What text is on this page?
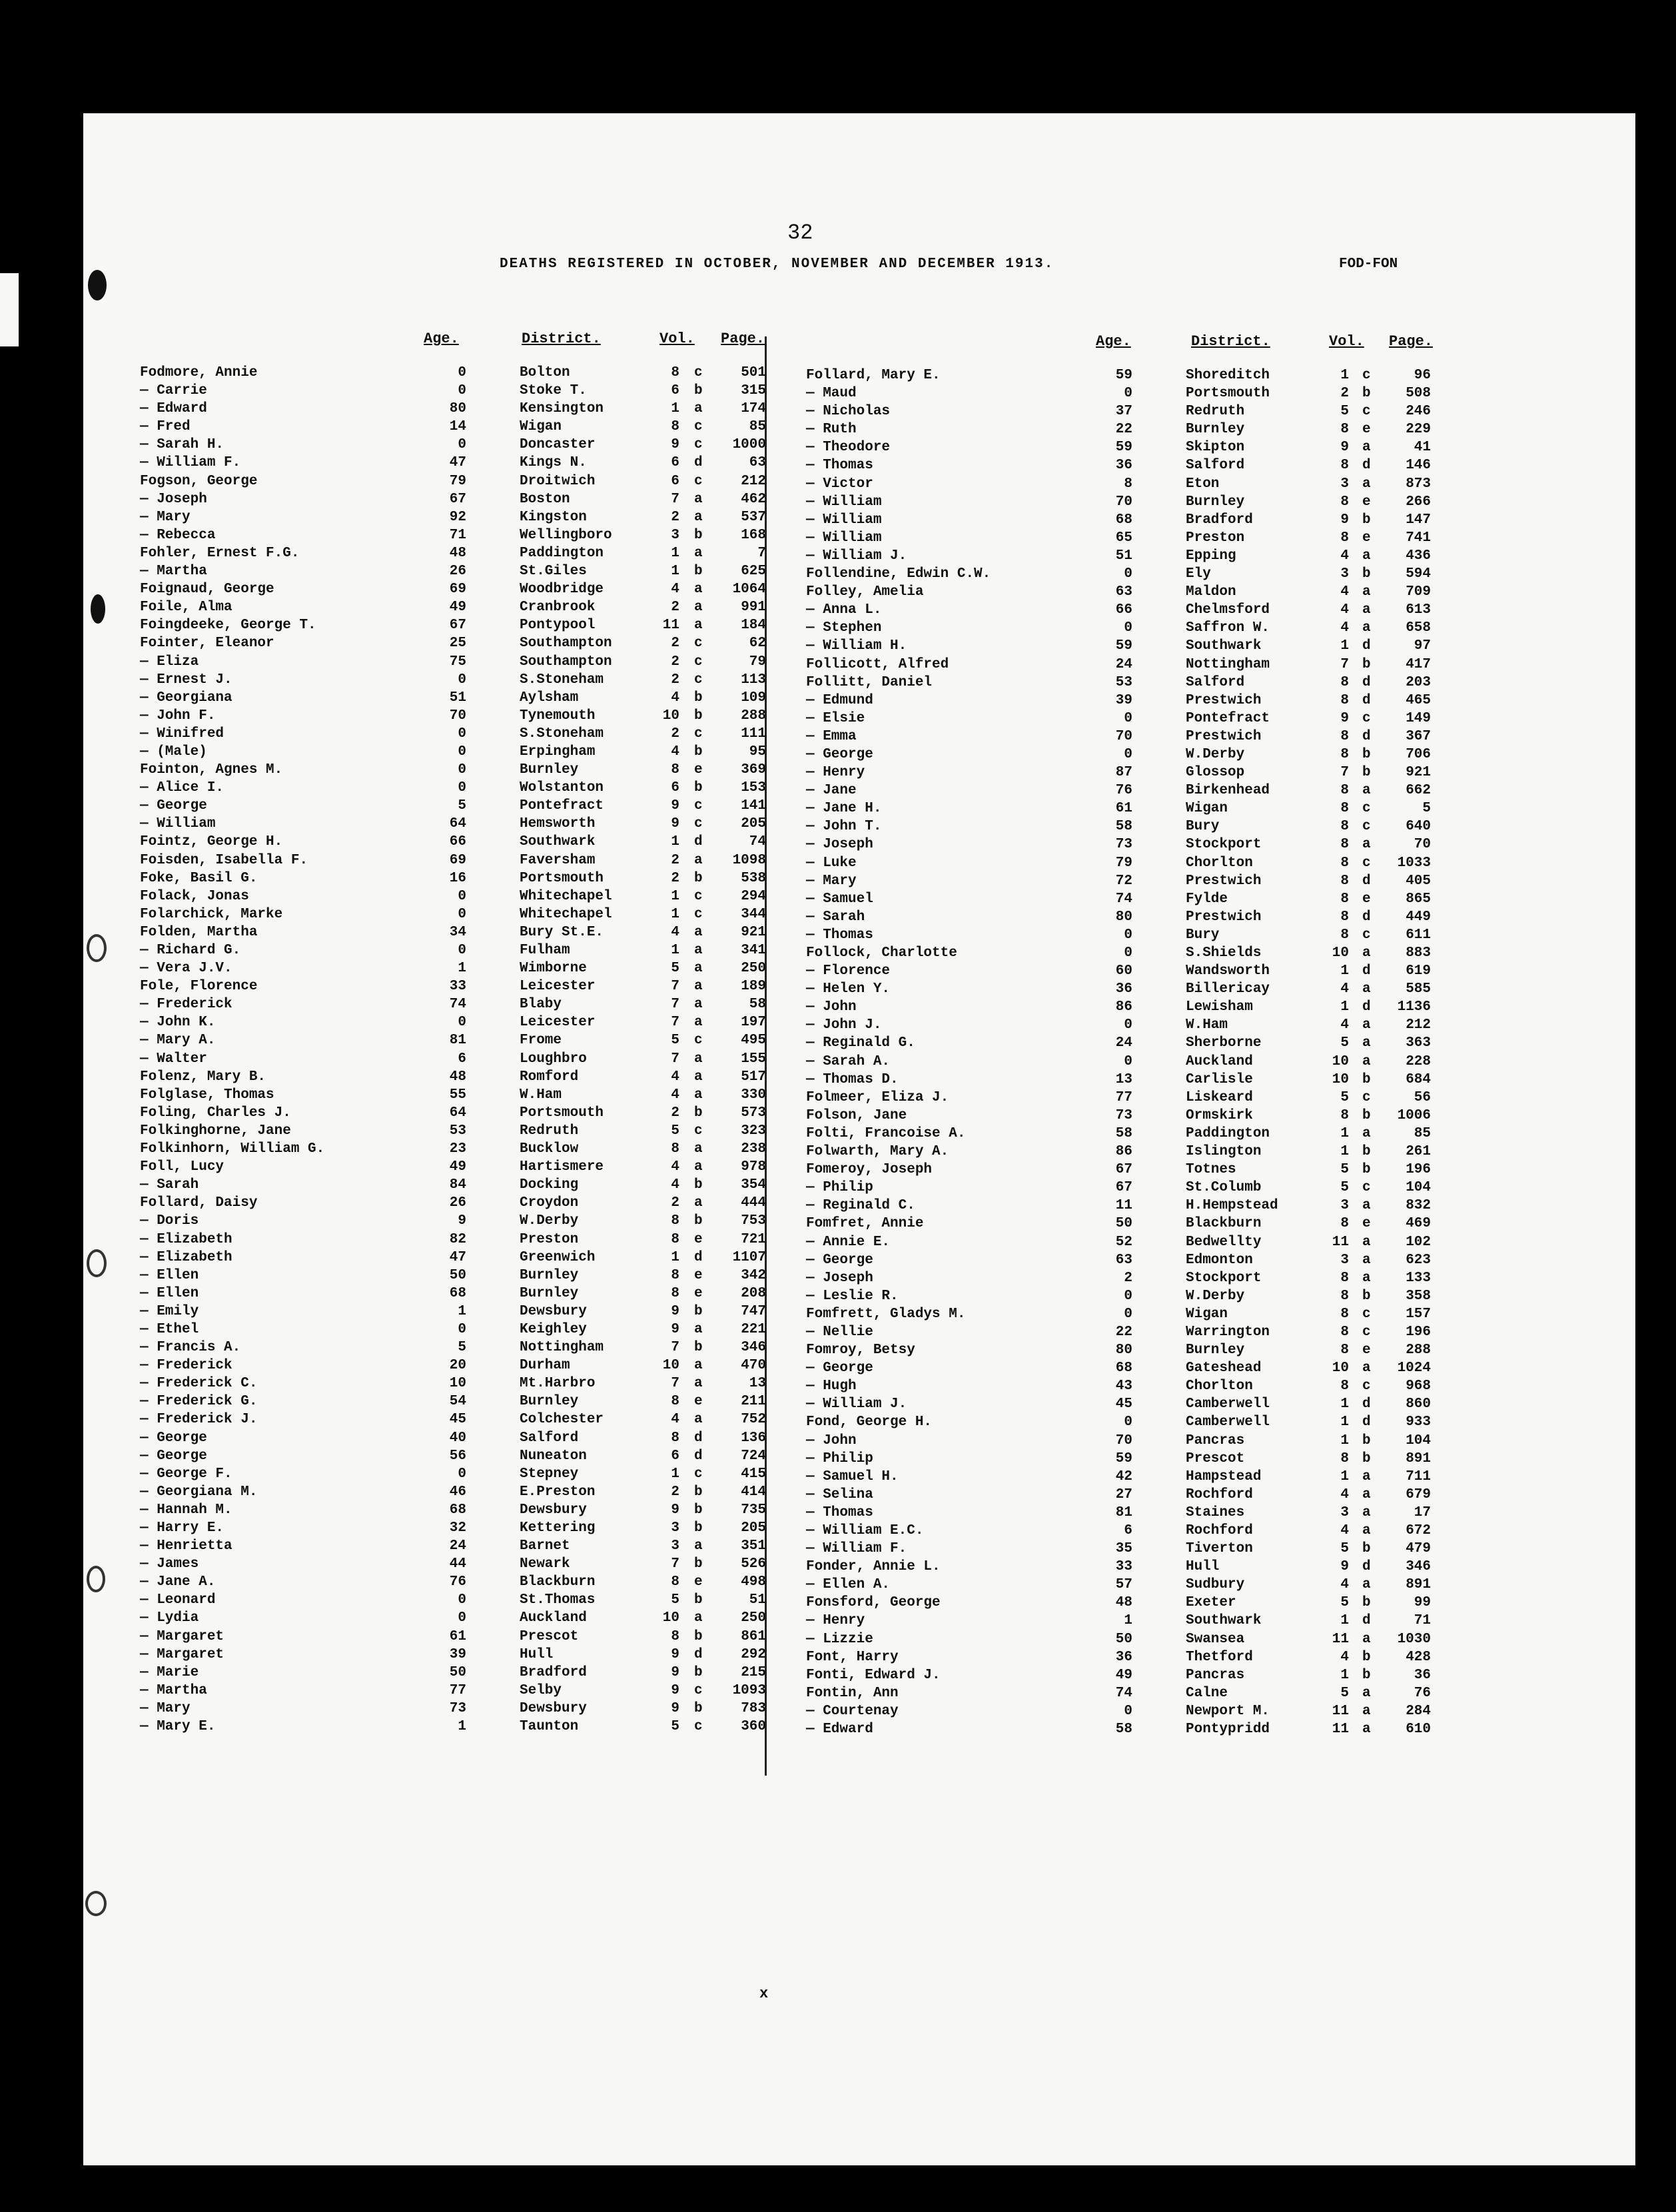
32
DEATHS REGISTERED IN OCTOBER, NOVEMBER AND DECEMBER 1913.	FOD-FON
Age.	District.	Vol. Page.	Age.	District.	Vol. Page.
Fodmore, Annie	0	Bolton	8 c	501
— Carrie	0	Stoke T.	6 b	315
— Edward	80	Kensington	1 a	174
— Fred	14	Wigan	8 c	85
— Sarah H.	0	Doncaster	9 c	1000
— William F.	47	Kings N.	6 d	63
Fogson, George	79	Droitwich	6 c	212
— Joseph	67	Boston	7 a	462
— Mary	92	Kingston	2 a	537
— Rebecca	71	Wellingboro	3 b	168
Fohler, Ernest F.G.	48	Paddington	1 a	7
— Martha	26	St.Giles	1 b	625
Foignaud, George	69	Woodbridge	4 a	1064
Foile, Alma	49	Cranbrook	2 a	991
Foingdeeke, George T.	67	Pontypool	11 a	184
Fointer, Eleanor	25	Southampton	2 c	62
— Eliza	75	Southampton	2 c	79
— Ernest J.	0	S.Stoneham	2 c	113
— Georgiana	51	Aylsham	4 b	109
— John F.	70	Tynemouth	10 b	288
— Winifred	0	S.Stoneham	2 c	111
— (Male)	0	Erpingham	4 b	95
Fointon, Agnes M.	0	Burnley	8 e	369
— Alice I.	0	Wolstanton	6 b	153
— George	5	Pontefract	9 c	141
— William	64	Hemsworth	9 c	205
Fointz, George H.	66	Southwark	1 d	74
Foisden, Isabella F.	69	Faversham	2 a	1098
Foke, Basil G.	16	Portsmouth	2 b	538
Folack, Jonas	0	Whitechapel	1 c	294
Folarchick, Marke	0	Whitechapel	1 c	344
Folden, Martha	34	Bury St.E.	4 a	921
— Richard G.	0	Fulham	1 a	341
— Vera J.V.	1	Wimborne	5 a	250
Fole, Florence	33	Leicester	7 a	189
— Frederick	74	Blaby	7 a	58
— John K.	0	Leicester	7 a	197
— Mary A.	81	Frome	5 c	495
— Walter	6	Loughbro	7 a	155
Folenz, Mary B.	48	Romford	4 a	517
Folglase, Thomas	55	W.Ham	4 a	330
Foling, Charles J.	64	Portsmouth	2 b	573
Folkinghorne, Jane	53	Redruth	5 c	323
Folkinhorn, William G.	23	Bucklow	8 a	238
Foll, Lucy	49	Hartismere	4 a	978
— Sarah	84	Docking	4 b	354
Follard, Daisy	26	Croydon	2 a	444
— Doris	9	W.Derby	8 b	753
— Elizabeth	82	Preston	8 e	721
— Elizabeth	47	Greenwich	1 d	1107
— Ellen	50	Burnley	8 e	342
— Ellen	68	Burnley	8 e	208
— Emily	1	Dewsbury	9 b	747
— Ethel	0	Keighley	9 a	221
— Francis A.	5	Nottingham	7 b	346
— Frederick	20	Durham	10 a	470
— Frederick C.	10	Mt.Harbro	7 a	13
— Frederick G.	54	Burnley	8 e	211
— Frederick J.	45	Colchester	4 a	752
— George	40	Salford	8 d	136
— George	56	Nuneaton	6 d	724
— George F.	0	Stepney	1 c	415
— Georgiana M.	46	E.Preston	2 b	414
— Hannah M.	68	Dewsbury	9 b	735
— Harry E.	32	Kettering	3 b	205
— Henrietta	24	Barnet	3 a	351
— James	44	Newark	7 b	526
— Jane A.	76	Blackburn	8 e	498
— Leonard	0	St.Thomas	5 b	51
— Lydia	0	Auckland	10 a	250
— Margaret	61	Prescot	8 b	861
— Margaret	39	Hull	9 d	292
— Marie	50	Bradford	9 b	215
— Martha	77	Selby	9 c	1093
— Mary	73	Dewsbury	9 b	783
— Mary E.	1	Taunton	5 c	360
Follard, Mary E.	59	Shoreditch	1 c	96
— Maud	0	Portsmouth	2 b	508
— Nicholas	37	Redruth	5 c	246
— Ruth	22	Burnley	8 e	229
— Theodore	59	Skipton	9 a	41
— Thomas	36	Salford	8 d	146
— Victor	8	Eton	3 a	873
— William	70	Burnley	8 e	266
— William	68	Bradford	9 b	147
— William	65	Preston	8 e	741
— William J.	51	Epping	4 a	436
Follendine, Edwin C.W.	0	Ely	3 b	594
Folley, Amelia	63	Maldon	4 a	709
— Anna L.	66	Chelmsford	4 a	613
— Stephen	0	Saffron W.	4 a	658
— William H.	59	Southwark	1 d	97
Follicott, Alfred	24	Nottingham	7 b	417
Follitt, Daniel	53	Salford	8 d	203
— Edmund	39	Prestwich	8 d	465
— Elsie	0	Pontefract	9 c	149
— Emma	70	Prestwich	8 d	367
— George	0	W.Derby	8 b	706
— Henry	87	Glossop	7 b	921
— Jane	76	Birkenhead	8 a	662
— Jane H.	61	Wigan	8 c	5
— John T.	58	Bury	8 c	640
— Joseph	73	Stockport	8 a	70
— Luke	79	Chorlton	8 c	1033
— Mary	72	Prestwich	8 d	405
— Samuel	74	Fylde	8 e	865
— Sarah	80	Prestwich	8 d	449
— Thomas	0	Bury	8 c	611
Follock, Charlotte	0	S.Shields	10 a	883
— Florence	60	Wandsworth	1 d	619
— Helen Y.	36	Billericay	4 a	585
— John	86	Lewisham	1 d	1136
— John J.	0	W.Ham	4 a	212
— Reginald G.	24	Sherborne	5 a	363
— Sarah A.	0	Auckland	10 a	228
— Thomas D.	13	Carlisle	10 b	684
Folmeer, Eliza J.	77	Liskeard	5 c	56
Folson, Jane	73	Ormskirk	8 b	1006
Folti, Francoise A.	58	Paddington	1 a	85
Folwarth, Mary A.	86	Islington	1 b	261
Fomeroy, Joseph	67	Totnes	5 b	196
— Philip	67	St.Columb	5 c	104
— Reginald C.	11	H.Hempstead	3 a	832
Fomfret, Annie	50	Blackburn	8 e	469
— Annie E.	52	Bedwellty	11 a	102
— George	63	Edmonton	3 a	623
— Joseph	2	Stockport	8 a	133
— Leslie R.	0	W.Derby	8 b	358
Fomfrett, Gladys M.	0	Wigan	8 c	157
— Nellie	22	Warrington	8 c	196
Fomroy, Betsy	80	Burnley	8 e	288
— George	68	Gateshead	10 a	1024
— Hugh	43	Chorlton	8 c	968
— William J.	45	Camberwell	1 d	860
Fond, George H.	0	Camberwell	1 d	933
— John	70	Pancras	1 b	104
— Philip	59	Prescot	8 b	891
— Samuel H.	42	Hampstead	1 a	711
— Selina	27	Rochford	4 a	679
— Thomas	81	Staines	3 a	17
— William E.C.	6	Rochford	4 a	672
— William F.	35	Tiverton	5 b	479
Fonder, Annie L.	33	Hull	9 d	346
— Ellen A.	57	Sudbury	4 a	891
Fonsford, George	48	Exeter	5 b	99
— Henry	1	Southwark	1 d	71
— Lizzie	50	Swansea	11 a	1030
Font, Harry	36	Thetford	4 b	428
Fonti, Edward J.	49	Pancras	1 b	36
Fontin, Ann	74	Calne	5 a	76
— Courtenay	0	Newport M.	11 a	284
— Edward	58	Pontypridd	11 a	610
x
